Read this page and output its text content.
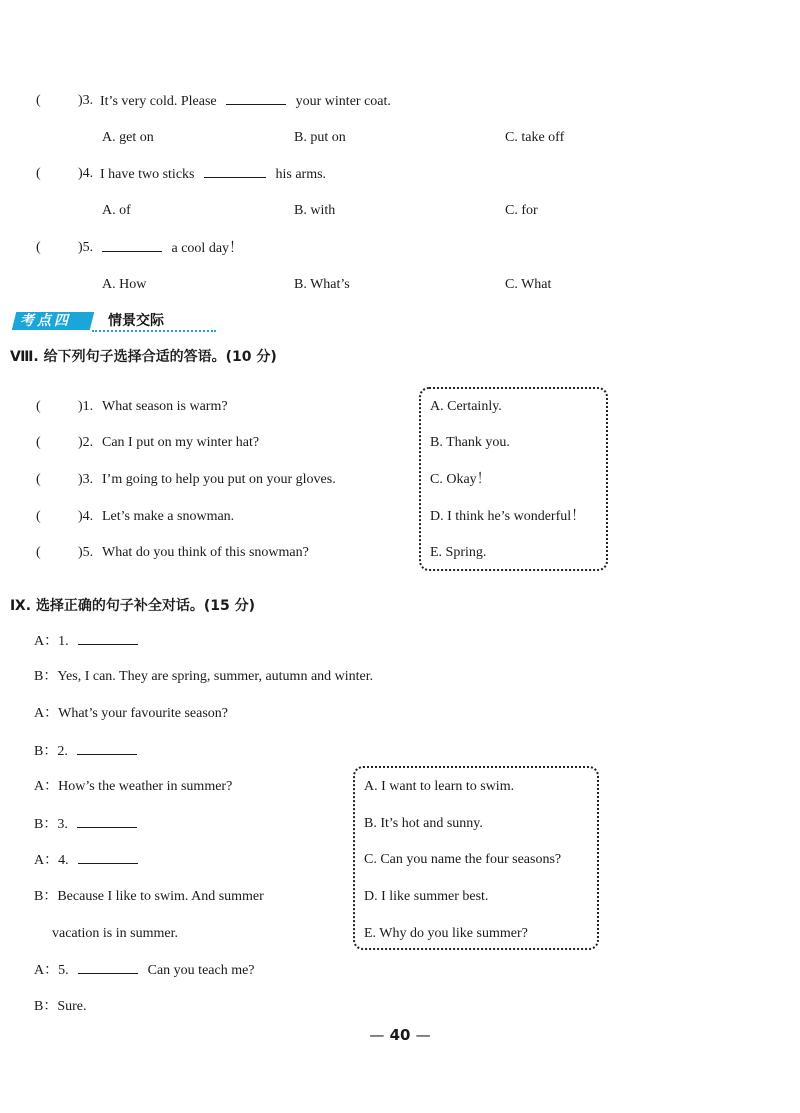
(	)3. It’s very cold. Please	your winter coat.
A. get on	B. put on	C. take off
(	)4. I have two sticks	his arms.
A. of	B. with	C. for
(	)5.	a cool day！
A. How	B. What’s	C. What
考点四	情景交际
Ⅷ. 给下列句子选择合适的答语。(10 分)
(	)1. What season is warm?
(	)2. Can I put on my winter hat?
(	)3. I’m going to help you put on your gloves.
(	)4. Let’s make a snowman.
(	)5. What do you think of this snowman?
A. Certainly.
B. Thank you.
C. Okay！
D. I think he’s wonderful！
E. Spring.
Ⅸ. 选择正确的句子补全对话。(15 分)
A：1.
B：Yes, I can. They are spring, summer, autumn and winter.
A：What’s your favourite season?
B：2.
A：How’s the weather in summer?
B：3.
A：4.
B：Because I like to swim. And summer
vacation is in summer.
A：5.	Can you teach me?
B：Sure.
A. I want to learn to swim.
B. It’s hot and sunny.
C. Can you name the four seasons?
D. I like summer best.
E. Why do you like summer?
— 40 —
